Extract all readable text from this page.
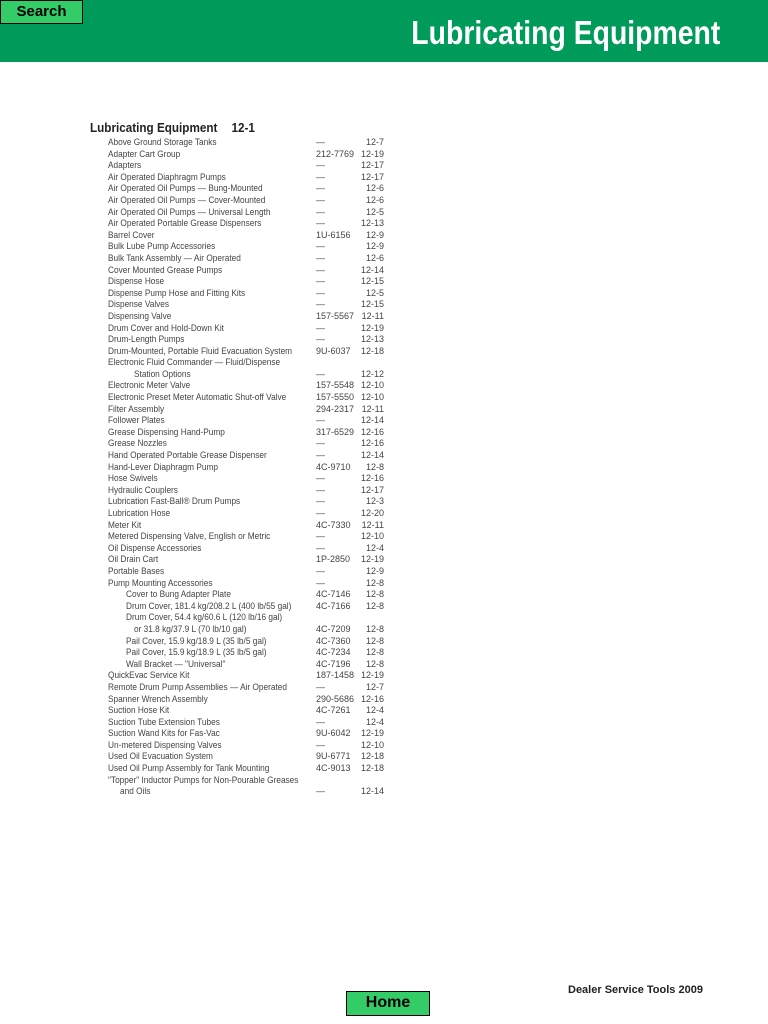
Lubricating Equipment
Search
Lubricating Equipment 12-1
Above Ground Storage Tanks	—	12-7
Adapter Cart Group	212-7769 12-19
Adapters	—	12-17
Air Operated Diaphragm Pumps	—	12-17
Air Operated Oil Pumps — Bung-Mounted	—	12-6
Air Operated Oil Pumps — Cover-Mounted	—	12-6
Air Operated Oil Pumps — Universal Length	—	12-5
Air Operated Portable Grease Dispensers	—	12-13
Barrel Cover	1U-6156 12-9
Bulk Lube Pump Accessories	—	12-9
Bulk Tank Assembly — Air Operated	—	12-6
Cover Mounted Grease Pumps	—	12-14
Dispense Hose	—	12-15
Dispense Pump Hose and Fitting Kits	—	12-5
Dispense Valves	—	12-15
Dispensing Valve	157-5567 12-11
Drum Cover and Hold-Down Kit	—	12-19
Drum-Length Pumps	—	12-13
Drum-Mounted, Portable Fluid Evacuation System	9U-6037 12-18
Electronic Fluid Commander — Fluid/Dispense
Station Options	—	12-12
Electronic Meter Valve	157-5548 12-10
Electronic Preset Meter Automatic Shut-off Valve	157-5550 12-10
Filter Assembly	294-2317 12-11
Follower Plates	—	12-14
Grease Dispensing Hand-Pump	317-6529 12-16
Grease Nozzles	—	12-16
Hand Operated Portable Grease Dispenser	—	12-14
Hand-Lever Diaphragm Pump	4C-9710 12-8
Hose Swivels	—	12-16
Hydraulic Couplers	—	12-17
Lubrication Fast-Ball® Drum Pumps	—	12-3
Lubrication Hose	—	12-20
Meter Kit	4C-7330 12-11
Metered Dispensing Valve, English or Metric	—	12-10
Oil Dispense Accessories	—	12-4
Oil Drain Cart	1P-2850 12-19
Portable Bases	—	12-9
Pump Mounting Accessories	—	12-8
Cover to Bung Adapter Plate	4C-7146 12-8
Drum Cover, 181.4 kg/208.2 L (400 lb/55 gal)	4C-7166 12-8
Drum Cover, 54.4 kg/60.6 L (120 lb/16 gal)
or 31.8 kg/37.9 L (70 lb/10 gal)	4C-7209 12-8
Pail Cover, 15.9 kg/18.9 L (35 lb/5 gal)	4C-7360 12-8
Pail Cover, 15.9 kg/18.9 L (35 lb/5 gal)	4C-7234 12-8
Wall Bracket — "Universal"	4C-7196 12-8
QuickEvac Service Kit	187-1458 12-19
Remote Drum Pump Assemblies — Air Operated	—	12-7
Spanner Wrench Assembly	290-5686 12-16
Suction Hose Kit	4C-7261 12-4
Suction Tube Extension Tubes	—	12-4
Suction Wand Kits for Fas-Vac	9U-6042 12-19
Un-metered Dispensing Valves	—	12-10
Used Oil Evacuation System	9U-6771 12-18
Used Oil Pump Assembly for Tank Mounting	4C-9013 12-18
"Topper" Inductor Pumps for Non-Pourable Greases
and Oils	—	12-14
Dealer Service Tools 2009
Home
